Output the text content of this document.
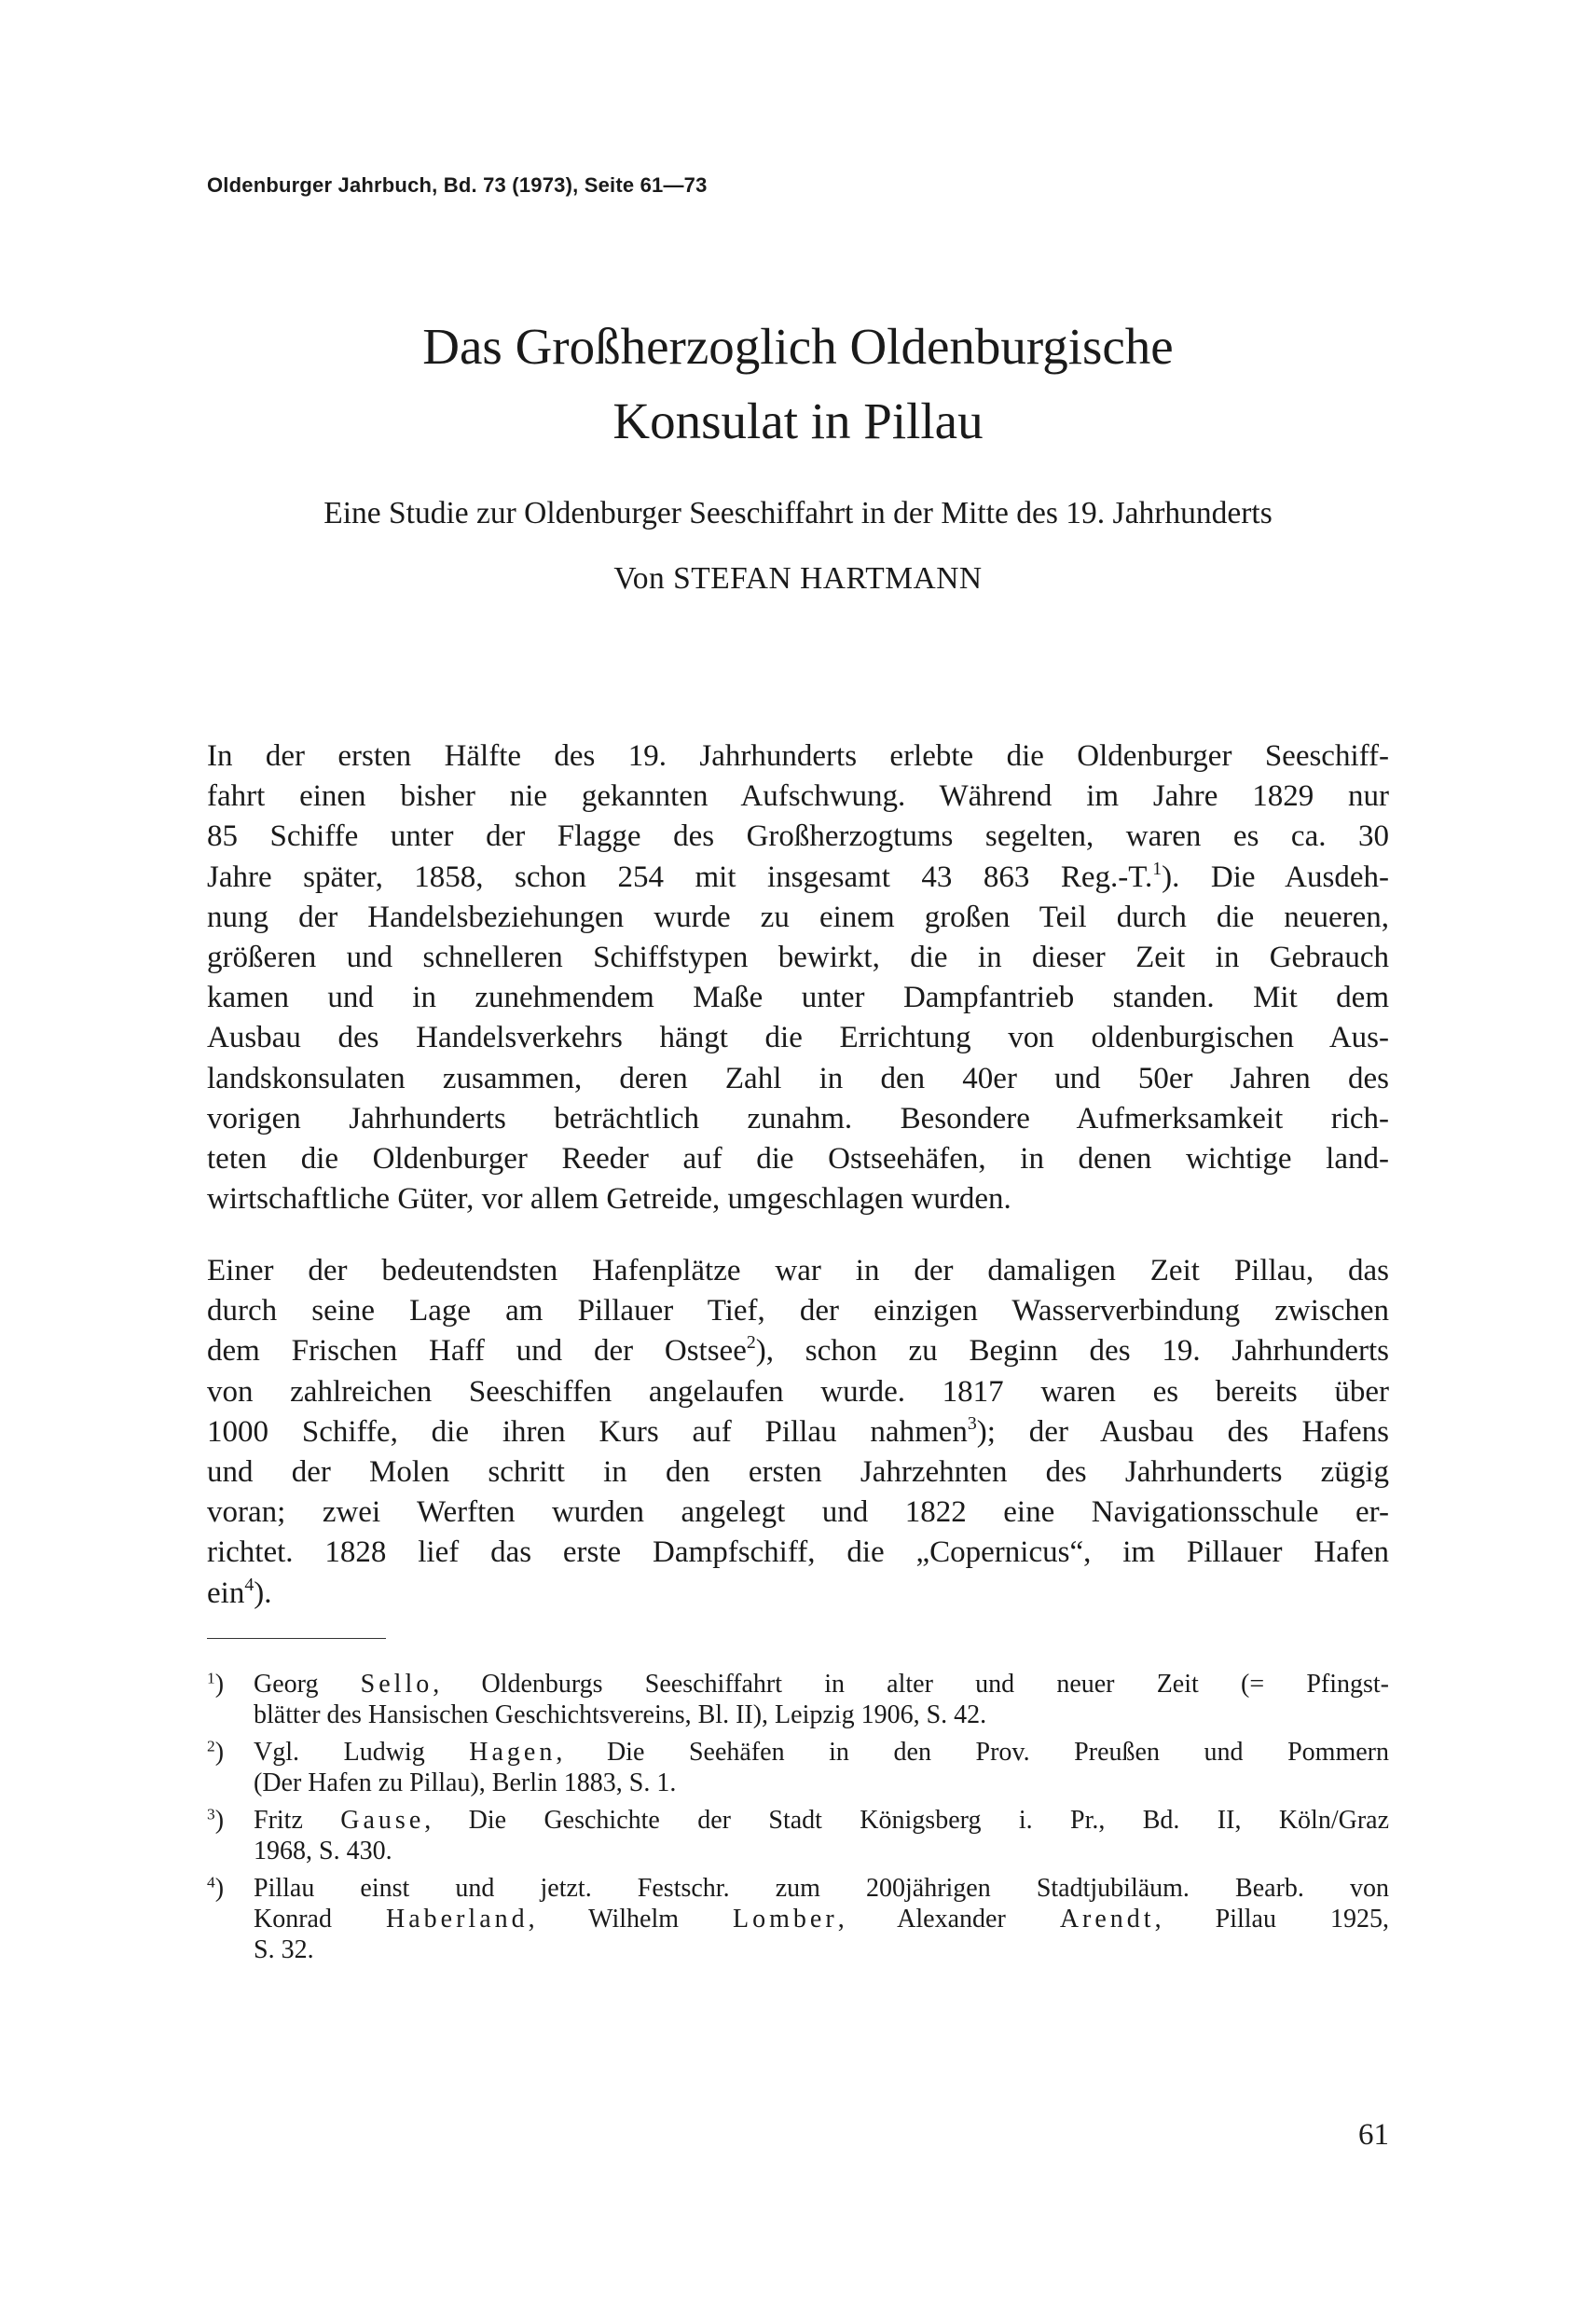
Oldenburger Jahrbuch, Bd. 73 (1973), Seite 61—73
Das Großherzoglich Oldenburgische
Konsulat in Pillau
Eine Studie zur Oldenburger Seeschiffahrt in der Mitte des 19. Jahrhunderts
Von STEFAN HARTMANN
In der ersten Hälfte des 19. Jahrhunderts erlebte die Oldenburger Seeschiff-
fahrt einen bisher nie gekannten Aufschwung. Während im Jahre 1829 nur
85 Schiffe unter der Flagge des Großherzogtums segelten, waren es ca. 30
Jahre später, 1858, schon 254 mit insgesamt 43 863 Reg.-T.$^1$). Die Ausdeh-
nung der Handelsbeziehungen wurde zu einem großen Teil durch die neueren,
größeren und schnelleren Schiffstypen bewirkt, die in dieser Zeit in Gebrauch
kamen und in zunehmendem Maße unter Dampfantrieb standen. Mit dem
Ausbau des Handelsverkehrs hängt die Errichtung von oldenburgischen Aus-
landskonsulaten zusammen, deren Zahl in den 40er und 50er Jahren des
vorigen Jahrhunderts beträchtlich zunahm. Besondere Aufmerksamkeit rich-
teten die Oldenburger Reeder auf die Ostseehäfen, in denen wichtige land-
wirtschaftliche Güter, vor allem Getreide, umgeschlagen wurden.
Einer der bedeutendsten Hafenplätze war in der damaligen Zeit Pillau, das
durch seine Lage am Pillauer Tief, der einzigen Wasserverbindung zwischen
dem Frischen Haff und der Ostsee$^2$), schon zu Beginn des 19. Jahrhunderts
von zahlreichen Seeschiffen angelaufen wurde. 1817 waren es bereits über
1000 Schiffe, die ihren Kurs auf Pillau nahmen$^3$); der Ausbau des Hafens
und der Molen schritt in den ersten Jahrzehnten des Jahrhunderts zügig
voran; zwei Werften wurden angelegt und 1822 eine Navigationsschule er-
richtet. 1828 lief das erste Dampfschiff, die „Copernicus“, im Pillauer Hafen
ein$^4$).
$^1$) Georg Sello, Oldenburgs Seeschiffahrt in alter und neuer Zeit (= Pfingst-
blätter des Hansischen Geschichtsvereins, Bl. II), Leipzig 1906, S. 42.
$^2$) Vgl. Ludwig Hagen, Die Seehäfen in den Prov. Preußen und Pommern
(Der Hafen zu Pillau), Berlin 1883, S. 1.
$^3$) Fritz Gause, Die Geschichte der Stadt Königsberg i. Pr., Bd. II, Köln/Graz
1968, S. 430.
$^4$) Pillau einst und jetzt. Festschr. zum 200jährigen Stadtjubiläum. Bearb. von
Konrad Haberland, Wilhelm Lomber, Alexander Arendt, Pillau 1925,
S. 32.
61
